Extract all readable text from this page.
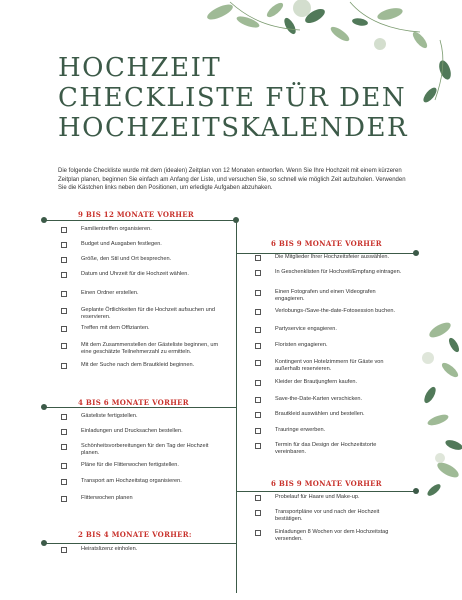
HOCHZEIT
CHECKLISTE FÜR DEN
HOCHZEITSKALENDER

Die folgende Checkliste wurde mit dem (idealen) Zeitplan von 12 Monaten entworfen. Wenn Sie Ihre Hochzeit mit einem kürzeren Zeitplan planen, beginnen Sie einfach am Anfang der Liste, und versuchen Sie, so schnell wie möglich Zeit aufzuholen. Verwenden Sie die Kästchen links neben den Positionen, um erledigte Aufgaben abzuhaken.

9 BIS 12 MONATE VORHER
Familientreffen organisieren.
Budget und Ausgaben festlegen.
Größe, den Stil und Ort besprechen.
Datum und Uhrzeit für die Hochzeit wählen.
Einen Ordner erstellen.
Geplante Örtlichkeiten für die Hochzeit aufsuchen und reservieren.
Treffen mit dem Offizianten.
Mit dem Zusammenstellen der Gästeliste beginnen, um eine geschätzte Teilnehmerzahl zu ermitteln.
Mit der Suche nach dem Brautkleid beginnen.
6 BIS 9 MONATE VORHER
Die Mitglieder Ihrer Hochzeitsfeier auswählen.
In Geschenklisten für Hochzeit/Empfang eintragen.
Einen Fotografen und einen Videografen engagieren.
Verlobungs-/Save-the-date-Fotosession buchen.
Partyservice engagieren.
Floristen engagieren.
Kontingent von Hotelzimmern für Gäste von außerhalb reservieren.
Kleider der Brautjungfern kaufen.
Save-the-Date-Karten verschicken.
Brautkleid auswählen und bestellen.
Trauringe erwerben.
Termin für das Design der Hochzeitstorte vereinbaren.
4 BIS 6 MONATE VORHER
Gästeliste fertigstellen.
Einladungen und Drucksachen bestellen.
Schönheitsvorbereitungen für den Tag der Hochzeit planen.
Pläne für die Flitterwochen fertigstellen.
Transport am Hochzeitstag organisieren.
Flitterwochen planen
6 BIS 9 MONATE VORHER
Probelauf für Haare und Make-up.
Transportpläne vor und nach der Hochzeit bestätigen.
Einladungen 8 Wochen vor dem Hochzeitstag versenden.
2 BIS 4 MONATE VORHER:
Heiratslizenz einholen.
